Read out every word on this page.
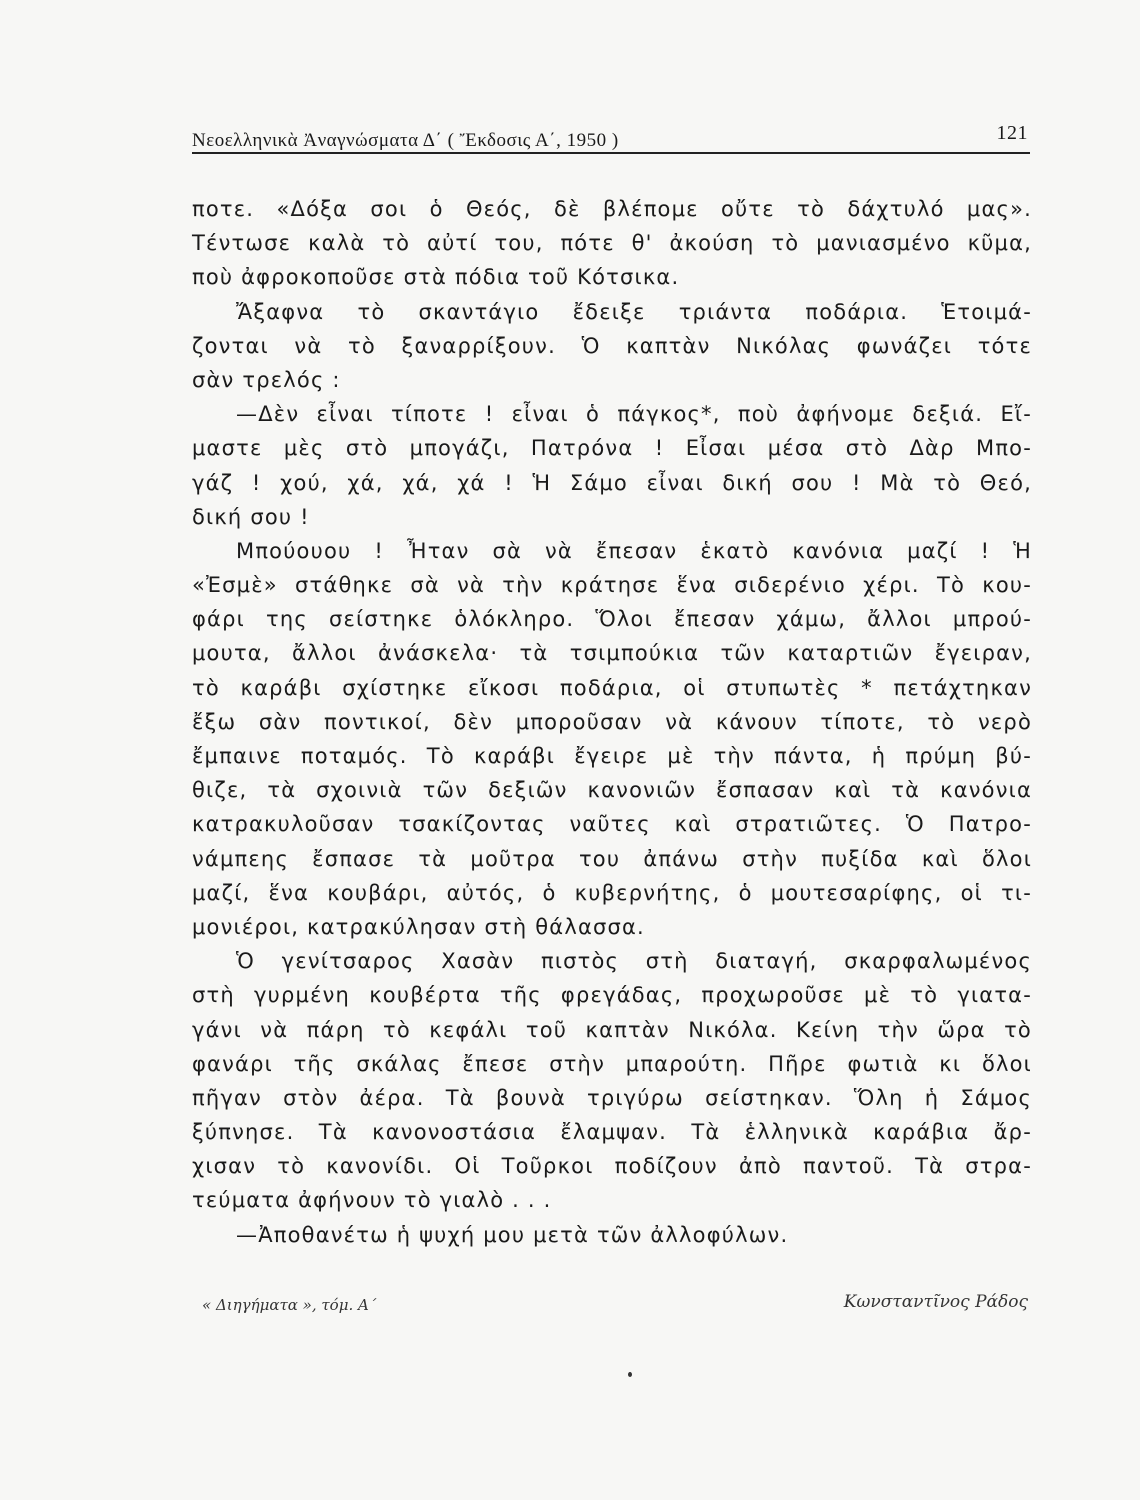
Νεοελληνικὰ Ἀναγνώσματα Δ΄ ( Ἔκδοσις Α΄, 1950 )	121
ποτε. «Δόξα σοι ὁ Θεός, δὲ βλέπομε οὔτε τὸ δάχτυλό μας».
Τέντωσε καλὰ τὸ αὐτί του, πότε θ' ἀκούση τὸ μανιασμένο κῦμα,
ποὺ ἀφροκοποῦσε στὰ πόδια τοῦ Κότσικα.
Ἄξαφνα τὸ σκαντάγιο ἔδειξε τριάντα ποδάρια. Ἑτοιμά-
ζονται νὰ τὸ ξαναρρίξουν. Ὁ καπτὰν Νικόλας φωνάζει τότε
σὰν τρελός :
—Δὲν εἶναι τίποτε ! εἶναι ὁ πάγκος*, ποὺ ἀφήνομε δεξιά. Εἴ-
μαστε μὲς στὸ μπογάζι, Πατρόνα ! Εἶσαι μέσα στὸ Δὰρ Μπο-
γάζ ! χού, χά, χά, χά ! Ἡ Σάμο εἶναι δική σου ! Μὰ τὸ Θεό,
δική σου !
Μπούουου ! Ἦταν σὰ νὰ ἔπεσαν ἑκατὸ κανόνια μαζί ! Ἡ
«Ἐσμὲ» στάθηκε σὰ νὰ τὴν κράτησε ἕνα σιδερένιο χέρι. Τὸ κου-
φάρι της σείστηκε ὁλόκληρο. Ὅλοι ἔπεσαν χάμω, ἄλλοι μπρού-
μουτα, ἄλλοι ἀνάσκελα· τὰ τσιμπούκια τῶν καταρτιῶν ἔγειραν,
τὸ καράβι σχίστηκε εἴκοσι ποδάρια, οἱ στυπωτὲς * πετάχτηκαν
ἔξω σὰν ποντικοί, δὲν μποροῦσαν νὰ κάνουν τίποτε, τὸ νερὸ
ἔμπαινε ποταμός. Τὸ καράβι ἔγειρε μὲ τὴν πάντα, ἡ πρύμη βύ-
θιζε, τὰ σχοινιὰ τῶν δεξιῶν κανονιῶν ἔσπασαν καὶ τὰ κανόνια
κατρακυλοῦσαν τσακίζοντας ναῦτες καὶ στρατιῶτες. Ὁ Πατρο-
νάμπεης ἔσπασε τὰ μοῦτρα του ἀπάνω στὴν πυξίδα καὶ ὅλοι
μαζί, ἕνα κουβάρι, αὐτός, ὁ κυβερνήτης, ὁ μουτεσαρίφης, οἱ τι-
μονιέροι, κατρακύλησαν στὴ θάλασσα.
Ὁ γενίτσαρος Χασὰν πιστὸς στὴ διαταγή, σκαρφαλωμένος
στὴ γυρμένη κουβέρτα τῆς φρεγάδας, προχωροῦσε μὲ τὸ γιατα-
γάνι νὰ πάρη τὸ κεφάλι τοῦ καπτὰν Νικόλα. Κείνη τὴν ὥρα τὸ
φανάρι τῆς σκάλας ἔπεσε στὴν μπαρούτη. Πῆρε φωτιὰ κι ὅλοι
πῆγαν στὸν ἀέρα. Τὰ βουνὰ τριγύρω σείστηκαν. Ὅλη ἡ Σάμος
ξύπνησε. Τὰ κανονοστάσια ἔλαμψαν. Τὰ ἑλληνικὰ καράβια ἄρ-
χισαν τὸ κανονίδι. Οἱ Τοῦρκοι ποδίζουν ἀπὸ παντοῦ. Τὰ στρα-
τεύματα ἀφήνουν τὸ γιαλὸ . . .
—Ἀποθανέτω ἡ ψυχή μου μετὰ τῶν ἀλλοφύλων.
« Διηγήματα », τόμ. Α΄	Κωνσταντῖνος Ράδος
